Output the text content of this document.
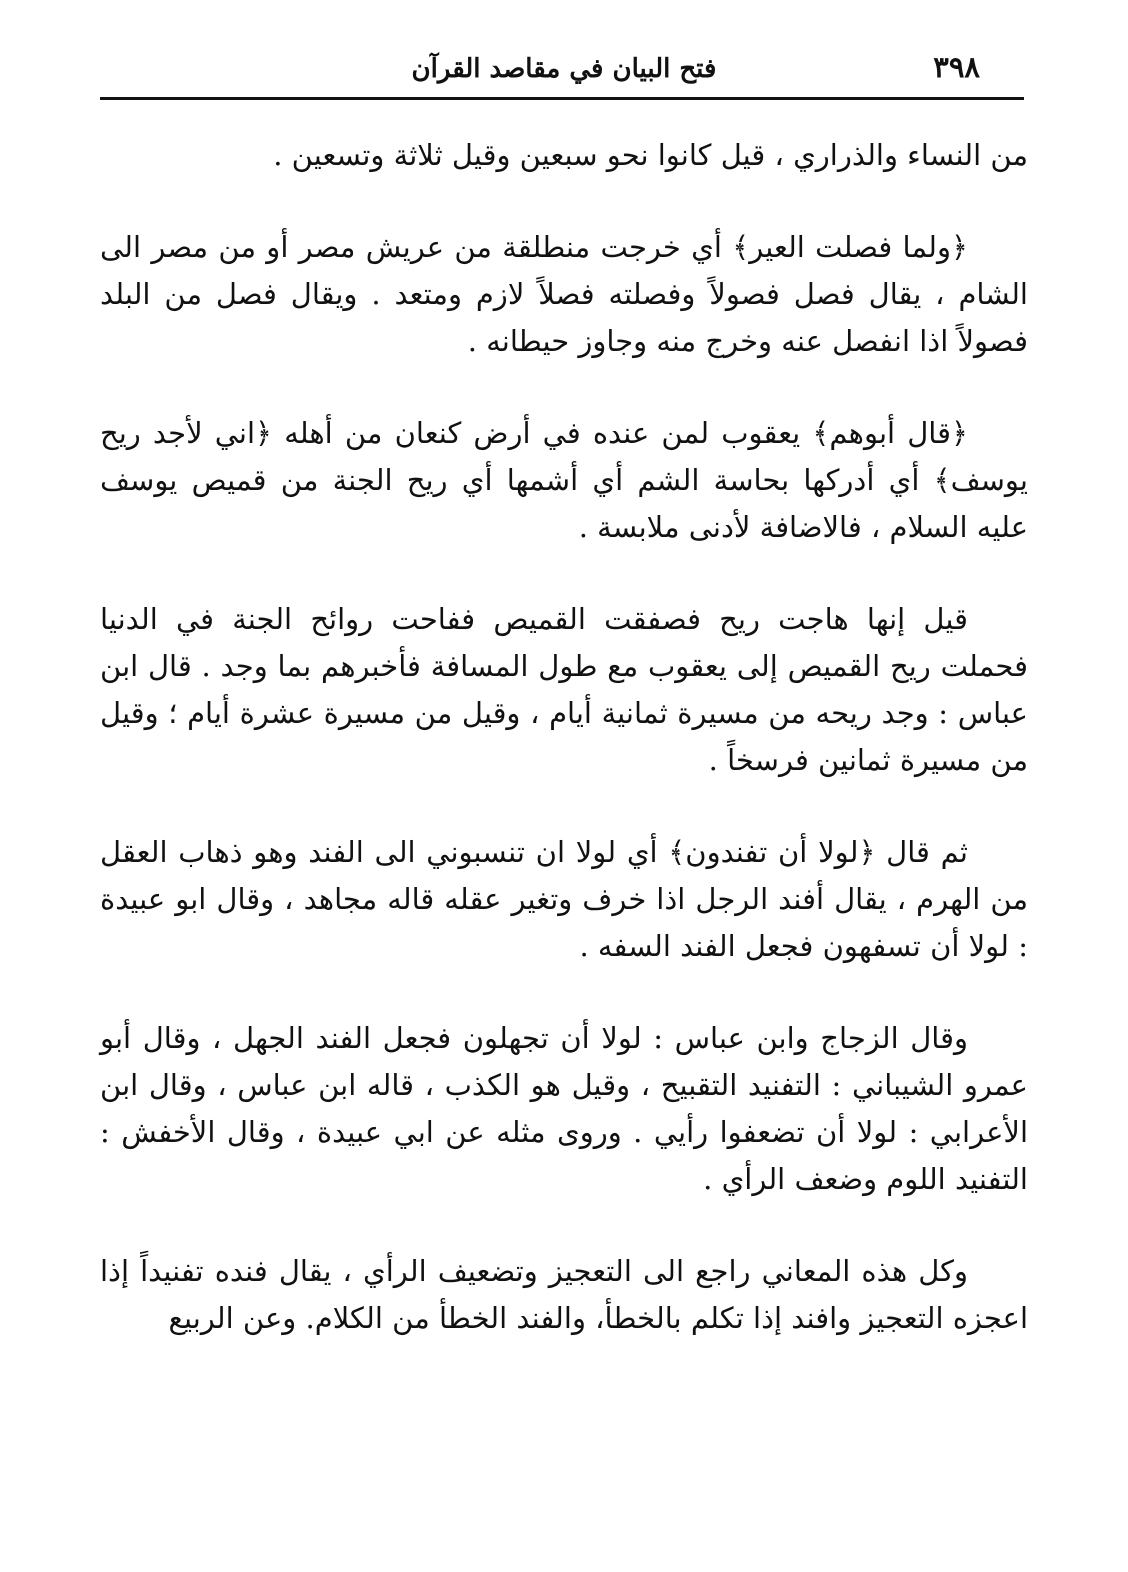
٣٩٨
فتح البيان في مقاصد القرآن

من النساء والذراري ، قيل كانوا نحو سبعين وقيل ثلاثة وتسعين .

﴿ولما فصلت العير﴾ أي خرجت منطلقة من عريش مصر أو من مصر الى الشام ، يقال فصل فصولاً وفصلته فصلاً لازم ومتعد . ويقال فصل من البلد فصولاً اذا انفصل عنه وخرج منه وجاوز حيطانه .

﴿قال أبوهم﴾ يعقوب لمن عنده في أرض كنعان من أهله ﴿اني لأجد ريح يوسف﴾ أي أدركها بحاسة الشم أي أشمها أي ريح الجنة من قميص يوسف عليه السلام ، فالاضافة لأدنى ملابسة .

قيل إنها هاجت ريح فصفقت القميص ففاحت روائح الجنة في الدنيا فحملت ريح القميص إلى يعقوب مع طول المسافة فأخبرهم بما وجد . قال ابن عباس : وجد ريحه من مسيرة ثمانية أيام ، وقيل من مسيرة عشرة أيام ؛ وقيل من مسيرة ثمانين فرسخاً .

ثم قال ﴿لولا أن تفندون﴾ أي لولا ان تنسبوني الى الفند وهو ذهاب العقل من الهرم ، يقال أفند الرجل اذا خرف وتغير عقله قاله مجاهد ، وقال ابو عبيدة : لولا أن تسفهون فجعل الفند السفه .

وقال الزجاج وابن عباس : لولا أن تجهلون فجعل الفند الجهل ، وقال أبو عمرو الشيباني : التفنيد التقبيح ، وقيل هو الكذب ، قاله ابن عباس ، وقال ابن الأعرابي : لولا أن تضعفوا رأيي . وروى مثله عن ابي عبيدة ، وقال الأخفش : التفنيد اللوم وضعف الرأي .

وكل هذه المعاني راجع الى التعجيز وتضعيف الرأي ، يقال فنده تفنيداً إذا اعجزه التعجيز وافند إذا تكلم بالخطأ، والفند الخطأ من الكلام. وعن الربيع
